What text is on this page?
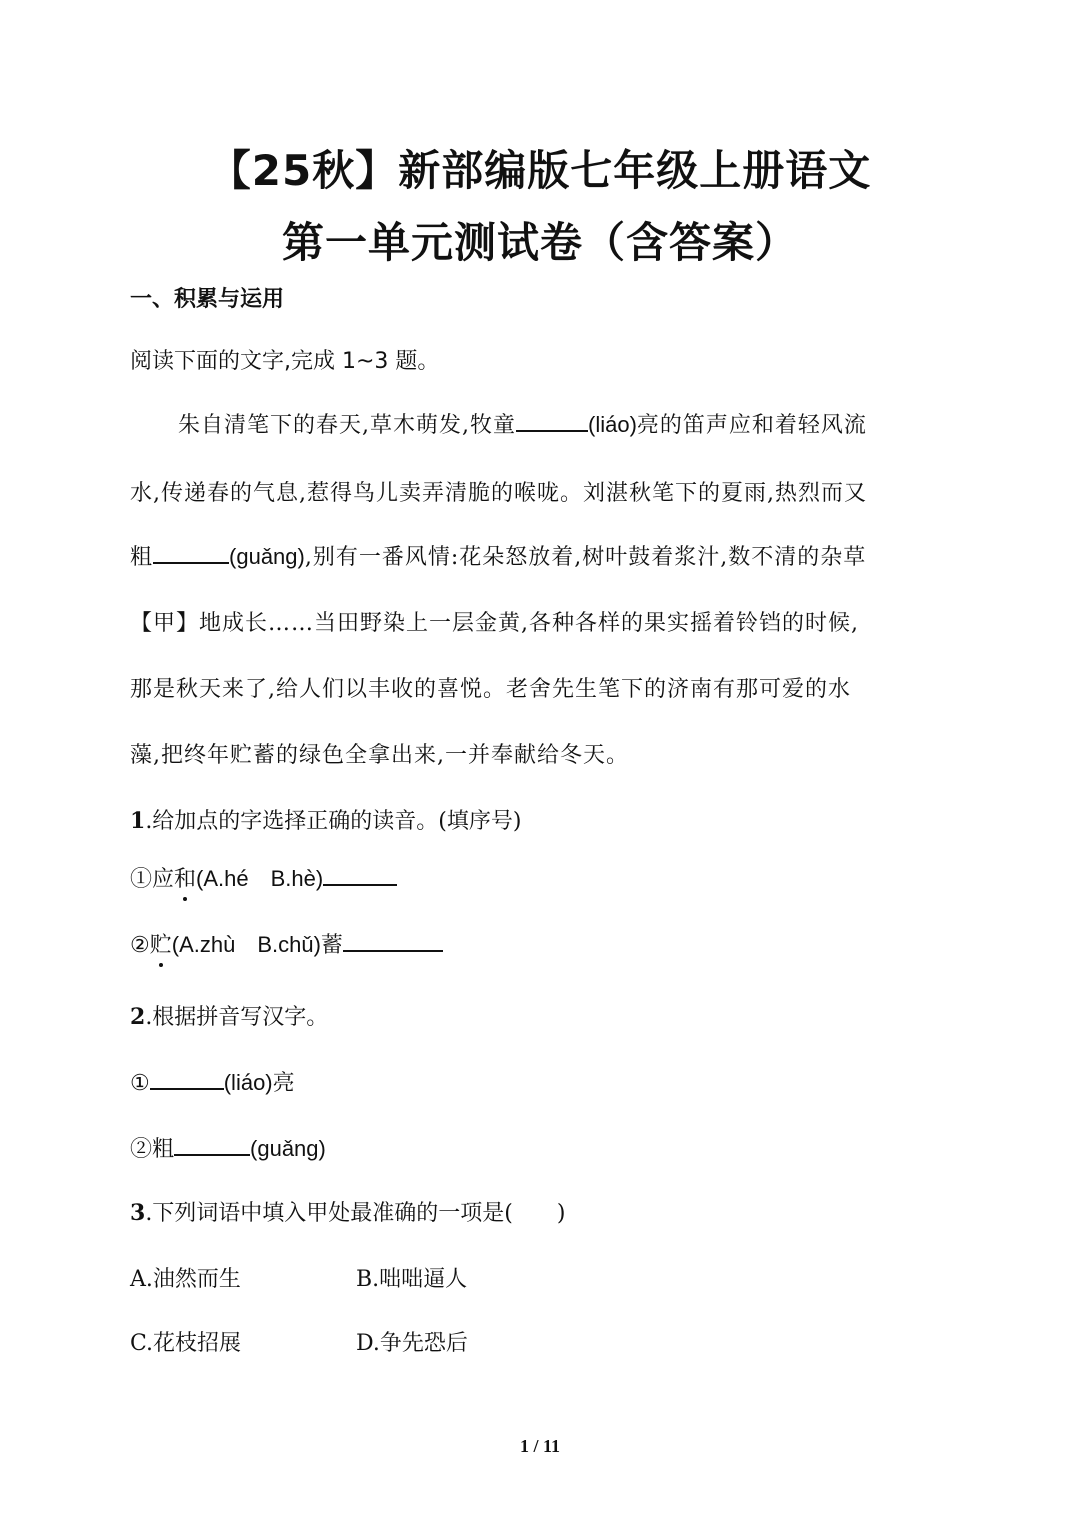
【25秋】新部编版七年级上册语文
第一单元测试卷（含答案）
一、积累与运用
阅读下面的文字,完成 1~3 题。
朱自清笔下的春天,草木萌发,牧童	(liáo)亮的笛声应和着轻风流
水,传递春的气息,惹得鸟儿卖弄清脆的喉咙。刘湛秋笔下的夏雨,热烈而又
粗	(guǎng),别有一番风情:花朵怒放着,树叶鼓着浆汁,数不清的杂草
【甲】地成长……当田野染上一层金黄,各种各样的果实摇着铃铛的时候,
那是秋天来了,给人们以丰收的喜悦。老舍先生笔下的济南有那可爱的水
藻,把终年贮蓄的绿色全拿出来,一并奉献给冬天。
1.给加点的字选择正确的读音。(填序号)
①应和(A.hé　B.hè)
②贮(A.zhù　B.chǔ)蓄
2.根据拼音写汉字。
①	(liáo)亮
②粗	(guǎng)
3.下列词语中填入甲处最准确的一项是(　　)
A.油然而生	B.咄咄逼人
C.花枝招展	D.争先恐后
1 / 11
